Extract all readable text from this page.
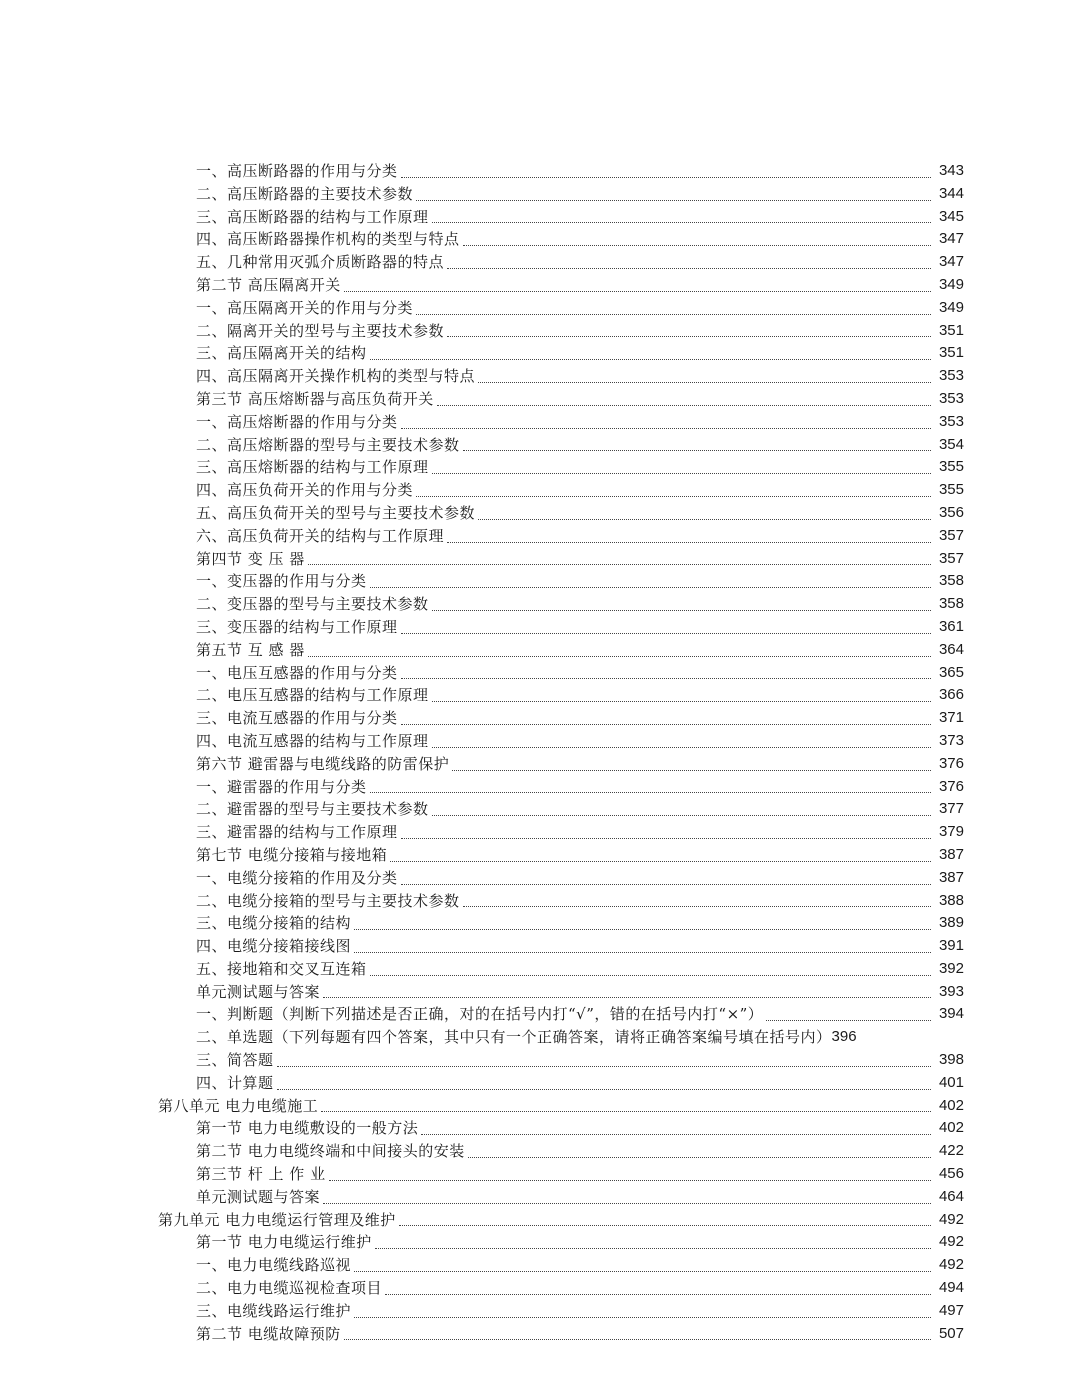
一、高压断路器的作用与分类	343
二、高压断路器的主要技术参数	344
三、高压断路器的结构与工作原理	345
四、高压断路器操作机构的类型与特点	347
五、几种常用灭弧介质断路器的特点	347
第二节 高压隔离开关	349
一、高压隔离开关的作用与分类	349
二、隔离开关的型号与主要技术参数	351
三、高压隔离开关的结构	351
四、高压隔离开关操作机构的类型与特点	353
第三节 高压熔断器与高压负荷开关	353
一、高压熔断器的作用与分类	353
二、高压熔断器的型号与主要技术参数	354
三、高压熔断器的结构与工作原理	355
四、高压负荷开关的作用与分类	355
五、高压负荷开关的型号与主要技术参数	356
六、高压负荷开关的结构与工作原理	357
第四节 变 压 器	357
一、变压器的作用与分类	358
二、变压器的型号与主要技术参数	358
三、变压器的结构与工作原理	361
第五节 互 感 器	364
一、电压互感器的作用与分类	365
二、电压互感器的结构与工作原理	366
三、电流互感器的作用与分类	371
四、电流互感器的结构与工作原理	373
第六节 避雷器与电缆线路的防雷保护	376
一、避雷器的作用与分类	376
二、避雷器的型号与主要技术参数	377
三、避雷器的结构与工作原理	379
第七节 电缆分接箱与接地箱	387
一、电缆分接箱的作用及分类	387
二、电缆分接箱的型号与主要技术参数	388
三、电缆分接箱的结构	389
四、电缆分接箱接线图	391
五、接地箱和交叉互连箱	392
单元测试题与答案	393
一、判断题（判断下列描述是否正确，对的在括号内打“√”，错的在括号内打“×”）	394
二、单选题（下列每题有四个答案，其中只有一个正确答案，请将正确答案编号填在括号内） 396
三、简答题	398
四、计算题	401
第八单元 电力电缆施工	402
第一节 电力电缆敷设的一般方法	402
第二节 电力电缆终端和中间接头的安装	422
第三节 杆 上 作 业	456
单元测试题与答案	464
第九单元 电力电缆运行管理及维护	492
第一节 电力电缆运行维护	492
一、电力电缆线路巡视	492
二、电力电缆巡视检查项目	494
三、电缆线路运行维护	497
第二节 电缆故障预防	507
